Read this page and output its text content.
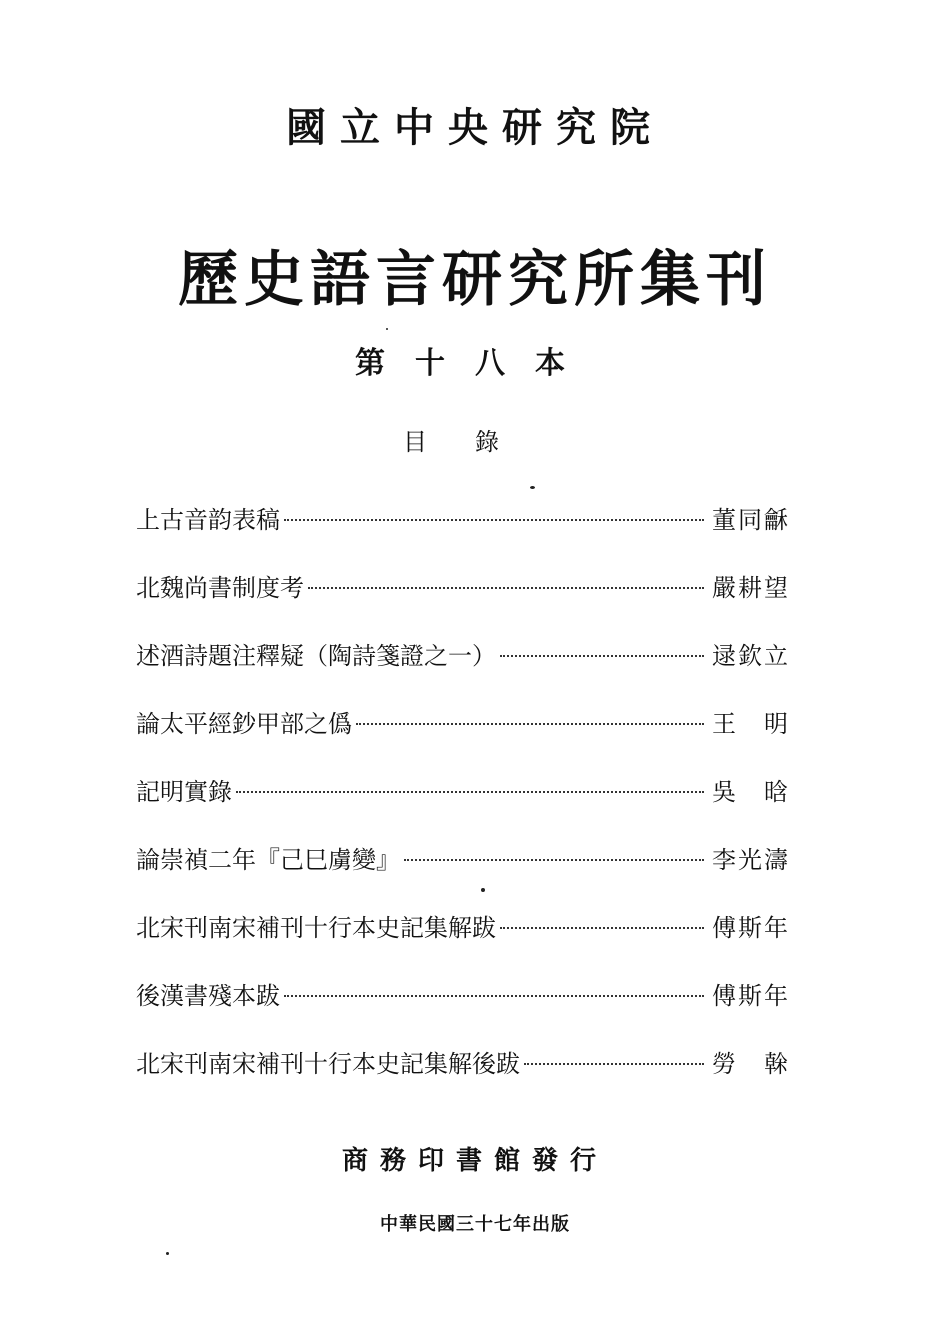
國立中央研究院
歷史語言研究所集刊
第十八本
目錄
上古音韵表稿	董同龢
北魏尚書制度考	嚴耕望
述酒詩題注釋疑（陶詩箋證之一）	逯欽立
論太平經鈔甲部之僞	王　明
記明實錄	吳　晗
論崇禎二年『己巳虜變』	李光濤
北宋刊南宋補刊十行本史記集解跋	傅斯年
後漢書殘本跋	傅斯年
北宋刊南宋補刊十行本史記集解後跋	勞　榦
商務印書館發行
中華民國三十七年出版
